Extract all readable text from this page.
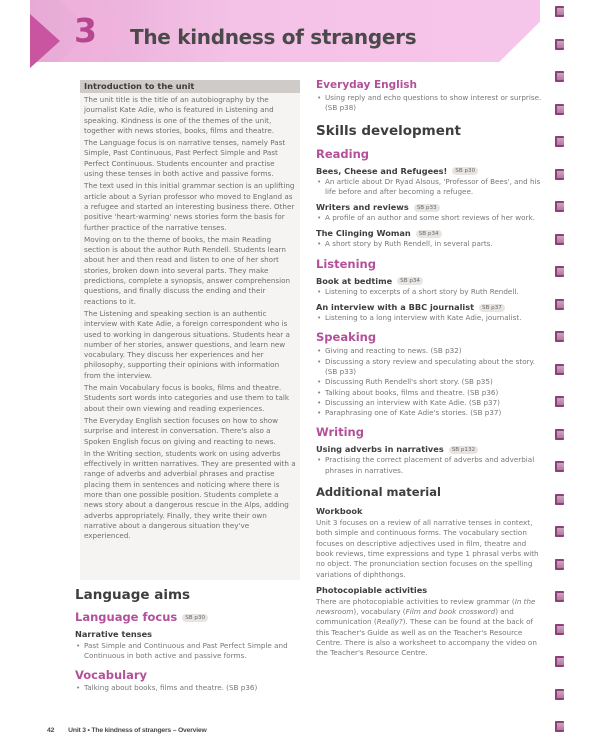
3 The kindness of strangers
Introduction to the unit

The unit title is the title of an autobiography by the journalist Kate Adie, who is featured in Listening and speaking. Kindness is one of the themes of the unit, together with news stories, books, films and theatre.

The Language focus is on narrative tenses, namely Past Simple, Past Continuous, Past Perfect Simple and Past Perfect Continuous. Students encounter and practise using these tenses in both active and passive forms.

The text used in this initial grammar section is an uplifting article about a Syrian professor who moved to England as a refugee and started an interesting business there. Other positive 'heart-warming' news stories form the basis for further practice of the narrative tenses.

Moving on to the theme of books, the main Reading section is about the author Ruth Rendell. Students learn about her and then read and listen to one of her short stories, broken down into several parts. They make predictions, complete a synopsis, answer comprehension questions, and finally discuss the ending and their reactions to it.

The Listening and speaking section is an authentic interview with Kate Adie, a foreign correspondent who is used to working in dangerous situations. Students hear a number of her stories, answer questions, and learn new vocabulary. They discuss her experiences and her philosophy, supporting their opinions with information from the interview.

The main Vocabulary focus is books, films and theatre. Students sort words into categories and use them to talk about their own viewing and reading experiences.

The Everyday English section focuses on how to show surprise and interest in conversation. There's also a Spoken English focus on giving and reacting to news.

In the Writing section, students work on using adverbs effectively in written narratives. They are presented with a range of adverbs and adverbial phrases and practise placing them in sentences and noticing where there is more than one possible position. Students complete a news story about a dangerous rescue in the Alps, adding adverbs appropriately. Finally, they write their own narrative about a dangerous situation they've experienced.

Language aims
Language focus SB p30
Narrative tenses
• Past Simple and Continuous and Past Perfect Simple and Continuous in both active and passive forms.
Vocabulary
• Talking about books, films and theatre. (SB p36)
Everyday English
• Using reply and echo questions to show interest or surprise. (SB p38)
Skills development
Reading
Bees, Cheese and Refugees! SB p30
• An article about Dr Ryad Alsous, 'Professor of Bees', and his life before and after becoming a refugee.
Writers and reviews SB p33
• A profile of an author and some short reviews of her work.
The Clinging Woman SB p34
• A short story by Ruth Rendell, in several parts.
Listening
Book at bedtime SB p34
• Listening to excerpts of a short story by Ruth Rendell.
An interview with a BBC journalist SB p37
• Listening to a long interview with Kate Adie, journalist.
Speaking
• Giving and reacting to news. (SB p32)
• Discussing a story review and speculating about the story. (SB p33)
• Discussing Ruth Rendell's short story. (SB p35)
• Talking about books, films and theatre. (SB p36)
• Discussing an interview with Kate Adie. (SB p37)
• Paraphrasing one of Kate Adie's stories. (SB p37)
Writing
Using adverbs in narratives SB p132
• Practising the correct placement of adverbs and adverbial phrases in narratives.
Additional material
Workbook
Unit 3 focuses on a review of all narrative tenses in context, both simple and continuous forms. The vocabulary section focuses on descriptive adjectives used in film, theatre and book reviews, time expressions and type 1 phrasal verbs with no object. The pronunciation section focuses on the spelling variations of diphthongs.
Photocopiable activities
There are photocopiable activities to review grammar (In the newsroom), vocabulary (Film and book crossword) and communication (Really?). These can be found at the back of this Teacher's Guide as well as on the Teacher's Resource Centre. There is also a worksheet to accompany the video on the Teacher's Resource Centre.
42 Unit 3 • The kindness of strangers – Overview
